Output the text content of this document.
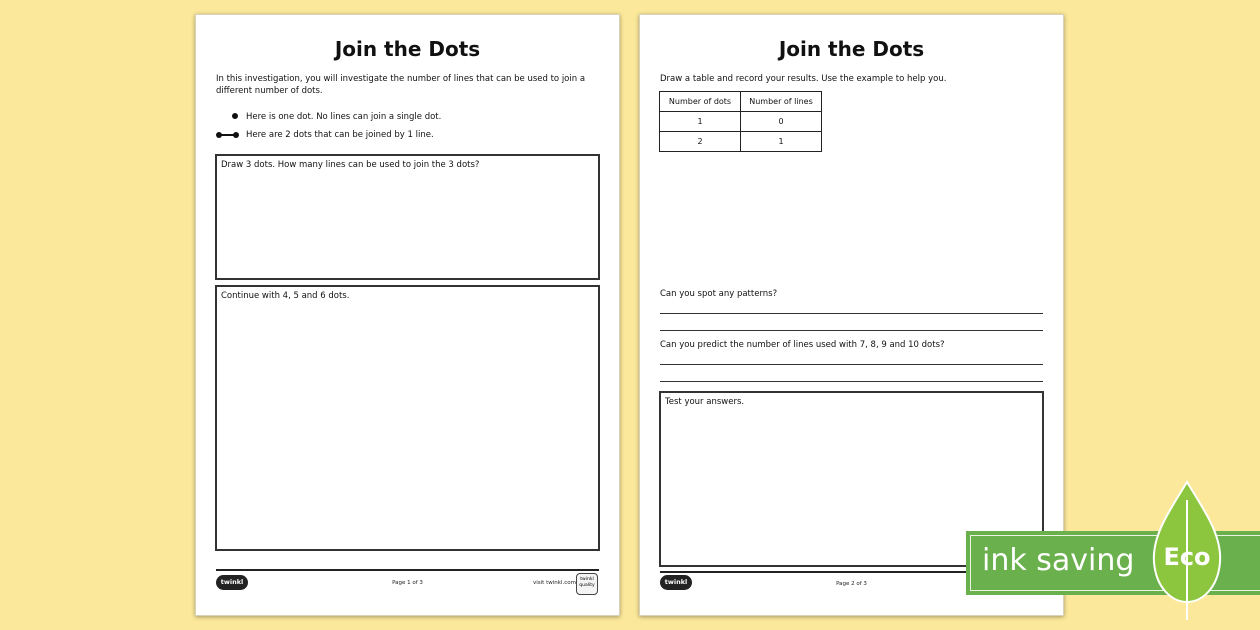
Join the Dots
In this investigation, you will investigate the number of lines that can be used to join a different number of dots.
Here is one dot. No lines can join a single dot.
Here are 2 dots that can be joined by 1 line.
Draw 3 dots. How many lines can be used to join the 3 dots?
Continue with 4, 5 and 6 dots.
twinkl	Page 1 of 3	visit twinkl.com
twinkl quality
Join the Dots
Draw a table and record your results. Use the example to help you.
Number of dots	Number of lines
1	0
2	1
Can you spot any patterns?
Can you predict the number of lines used with 7, 8, 9 and 10 dots?
Test your answers.
twinkl	Page 2 of 3
ink saving Eco
